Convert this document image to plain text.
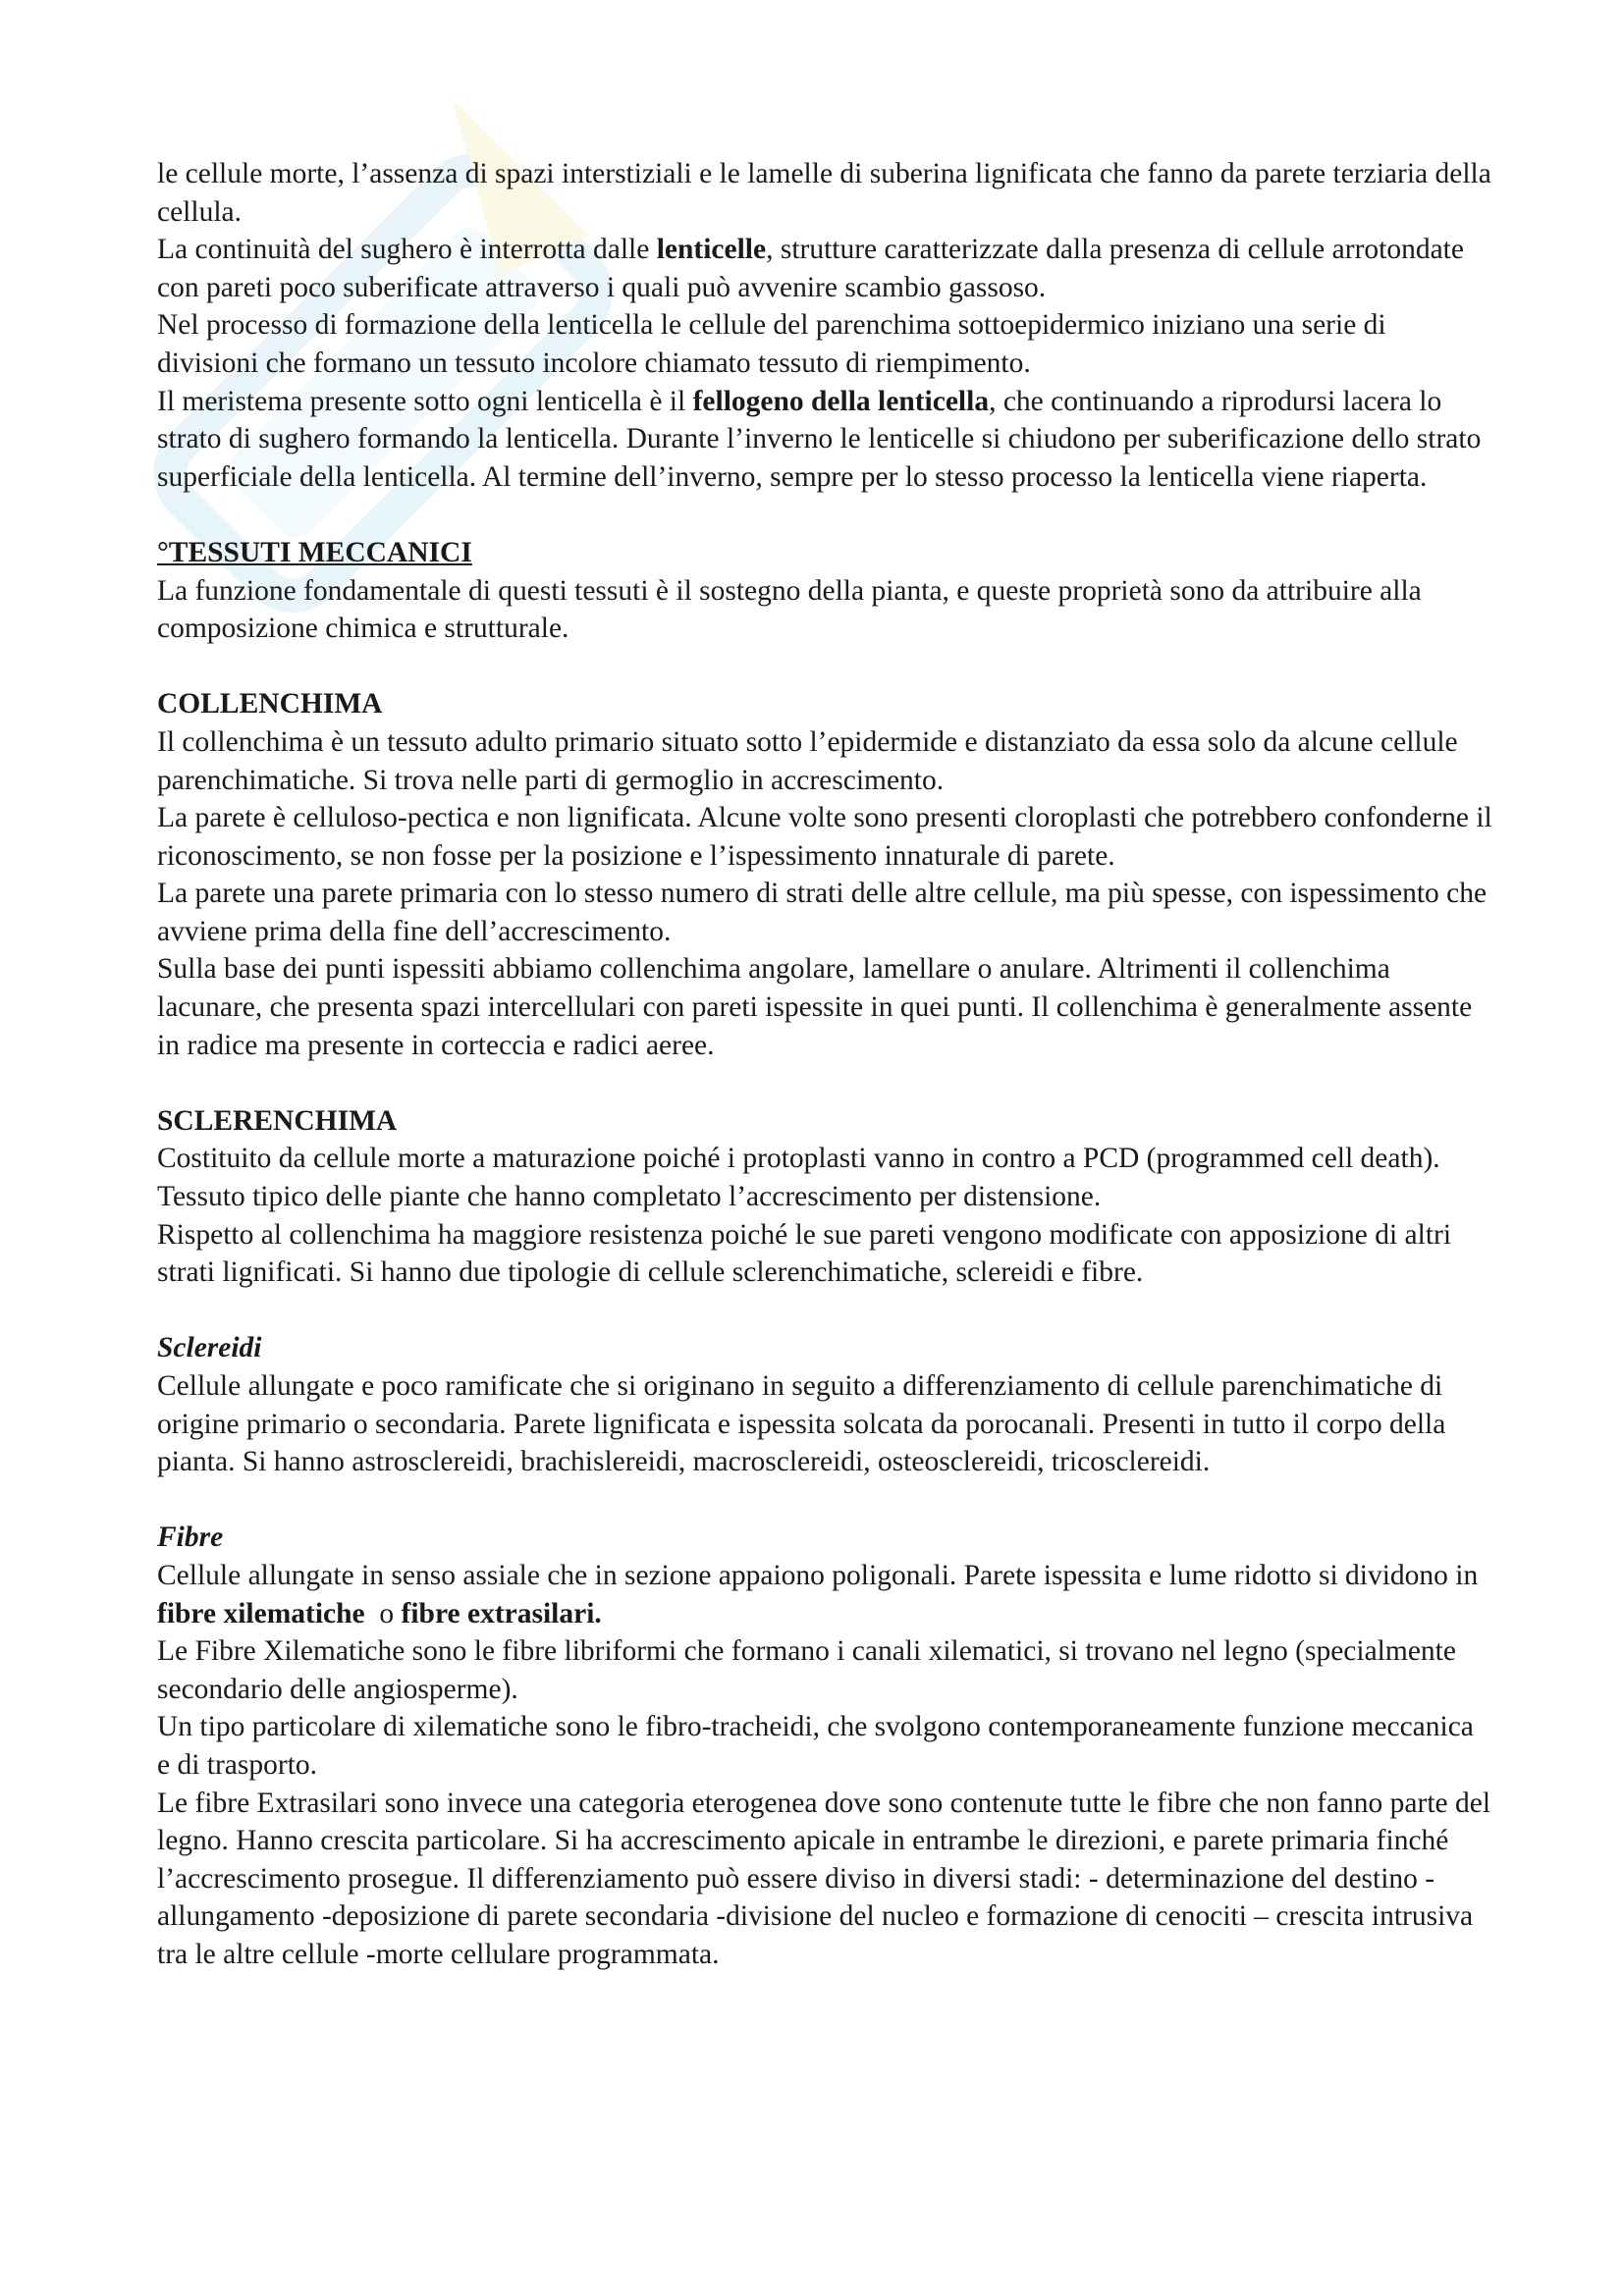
le cellule morte, l’assenza di spazi interstiziali e le lamelle di suberina lignificata che fanno da parete terziaria della cellula.

La continuità del sughero è interrotta dalle lenticelle, strutture caratterizzate dalla presenza di cellule arrotondate con pareti poco suberificate attraverso i quali può avvenire scambio gassoso.

Nel processo di formazione della lenticella le cellule del parenchima sottoepidermico iniziano una serie di divisioni che formano un tessuto incolore chiamato tessuto di riempimento.

Il meristema presente sotto ogni lenticella è il fellogeno della lenticella, che continuando a riprodursi lacera lo strato di sughero formando la lenticella. Durante l’inverno le lenticelle si chiudono per suberificazione dello strato superficiale della lenticella. Al termine dell’inverno, sempre per lo stesso processo la lenticella viene riaperta.

°TESSUTI MECCANICI

La funzione fondamentale di questi tessuti è il sostegno della pianta, e queste proprietà sono da attribuire alla composizione chimica e strutturale.

COLLENCHIMA

Il collenchima è un tessuto adulto primario situato sotto l’epidermide e distanziato da essa solo da alcune cellule parenchimatiche. Si trova nelle parti di germoglio in accrescimento.

La parete è celluloso-pectica e non lignificata. Alcune volte sono presenti cloroplasti che potrebbero confonderne il riconoscimento, se non fosse per la posizione e l’ispessimento innaturale di parete.

La parete una parete primaria con lo stesso numero di strati delle altre cellule, ma più spesse, con ispessimento che avviene prima della fine dell’accrescimento.

Sulla base dei punti ispessiti abbiamo collenchima angolare, lamellare o anulare. Altrimenti il collenchima lacunare, che presenta spazi intercellulari con pareti ispessite in quei punti. Il collenchima è generalmente assente in radice ma presente in corteccia e radici aeree.

SCLERENCHIMA

Costituito da cellule morte a maturazione poiché i protoplasti vanno in contro a PCD (programmed cell death). Tessuto tipico delle piante che hanno completato l’accrescimento per distensione.

Rispetto al collenchima ha maggiore resistenza poiché le sue pareti vengono modificate con apposizione di altri strati lignificati. Si hanno due tipologie di cellule sclerenchimatiche, sclereidi e fibre.

Sclereidi

Cellule allungate e poco ramificate che si originano in seguito a differenziamento di cellule parenchimatiche di origine primario o secondaria. Parete lignificata e ispessita solcata da porocanali. Presenti in tutto il corpo della pianta. Si hanno astrosclereidi, brachislereidi, macrosclereidi, osteosclereidi, tricosclereidi.

Fibre

Cellule allungate in senso assiale che in sezione appaiono poligonali. Parete ispessita e lume ridotto si dividono in fibre xilematiche  o fibre extrasilari.

Le Fibre Xilematiche sono le fibre libriformi che formano i canali xilematici, si trovano nel legno (specialmente secondario delle angiosperme).

Un tipo particolare di xilematiche sono le fibro-tracheidi, che svolgono contemporaneamente funzione meccanica e di trasporto.

Le fibre Extrasilari sono invece una categoria eterogenea dove sono contenute tutte le fibre che non fanno parte del legno. Hanno crescita particolare. Si ha accrescimento apicale in entrambe le direzioni, e parete primaria finché l’accrescimento prosegue. Il differenziamento può essere diviso in diversi stadi: - determinazione del destino -allungamento -deposizione di parete secondaria -divisione del nucleo e formazione di cenociti – crescita intrusiva tra le altre cellule -morte cellulare programmata.
